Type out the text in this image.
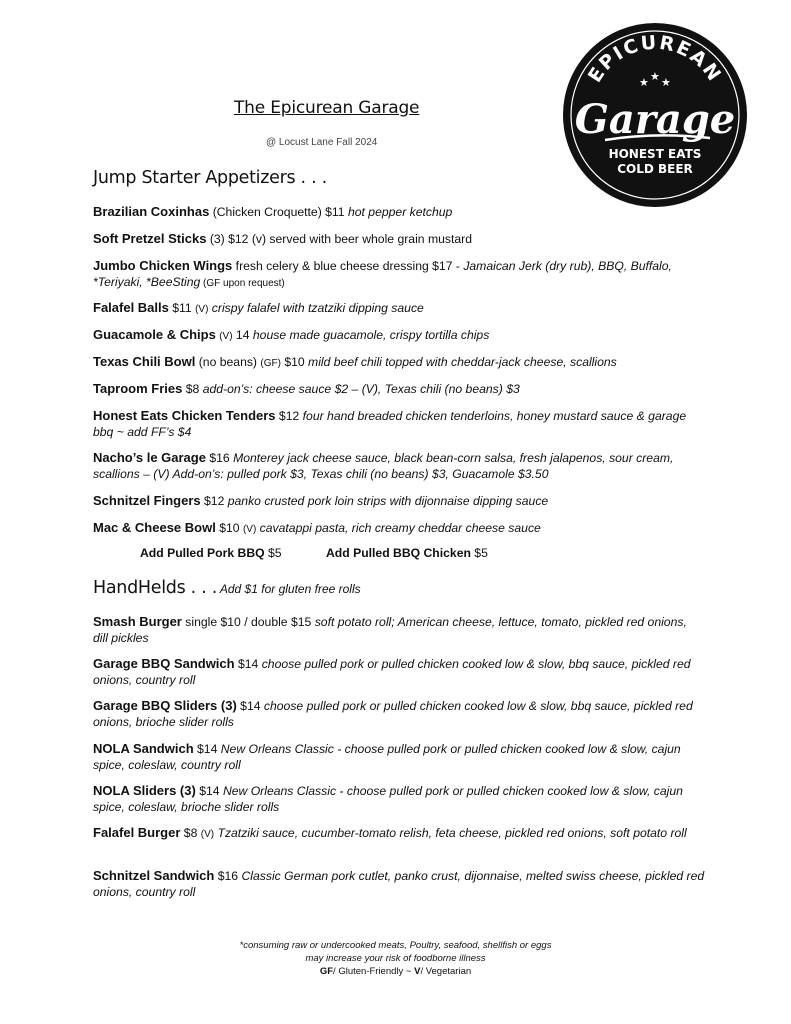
The Epicurean Garage
@ Locust Lane Fall 2024
EPICUREAN
★ ★ ★
Garage
HONEST EATS
COLD BEER
Jump Starter Appetizers . . .
Brazilian Coxinhas (Chicken Croquette) $11 hot pepper ketchup
Soft Pretzel Sticks (3) $12 (v) served with beer whole grain mustard
Jumbo Chicken Wings fresh celery & blue cheese dressing $17 - Jamaican Jerk (dry rub), BBQ, Buffalo, *Teriyaki, *BeeSting (GF upon request)
Falafel Balls $11 (V) crispy falafel with tzatziki dipping sauce
Guacamole & Chips (V) 14 house made guacamole, crispy tortilla chips
Texas Chili Bowl (no beans) (GF) $10 mild beef chili topped with cheddar-jack cheese, scallions
Taproom Fries $8 add-on’s: cheese sauce $2 – (V), Texas chili (no beans) $3
Honest Eats Chicken Tenders $12 four hand breaded chicken tenderloins, honey mustard sauce & garage bbq ~ add FF’s $4
Nacho’s le Garage $16 Monterey jack cheese sauce, black bean-corn salsa, fresh jalapenos, sour cream, scallions – (V) Add-on’s: pulled pork $3, Texas chili (no beans) $3, Guacamole $3.50
Schnitzel Fingers $12 panko crusted pork loin strips with dijonnaise dipping sauce
Mac & Cheese Bowl $10 (V) cavatappi pasta, rich creamy cheddar cheese sauce
Add Pulled Pork BBQ $5	Add Pulled BBQ Chicken $5
HandHelds . . . Add $1 for gluten free rolls
Smash Burger single $10 / double $15 soft potato roll; American cheese, lettuce, tomato, pickled red onions, dill pickles
Garage BBQ Sandwich $14 choose pulled pork or pulled chicken cooked low & slow, bbq sauce, pickled red onions, country roll
Garage BBQ Sliders (3) $14 choose pulled pork or pulled chicken cooked low & slow, bbq sauce, pickled red onions, brioche slider rolls
NOLA Sandwich $14 New Orleans Classic - choose pulled pork or pulled chicken cooked low & slow, cajun spice, coleslaw, country roll
NOLA Sliders (3) $14 New Orleans Classic - choose pulled pork or pulled chicken cooked low & slow, cajun spice, coleslaw, brioche slider rolls
Falafel Burger $8 (V) Tzatziki sauce, cucumber-tomato relish, feta cheese, pickled red onions, soft potato roll
Schnitzel Sandwich $16 Classic German pork cutlet, panko crust, dijonnaise, melted swiss cheese, pickled red onions, country roll
*consuming raw or undercooked meats, Poultry, seafood, shellfish or eggs
may increase your risk of foodborne illness
GF/ Gluten-Friendly ~ V/ Vegetarian
